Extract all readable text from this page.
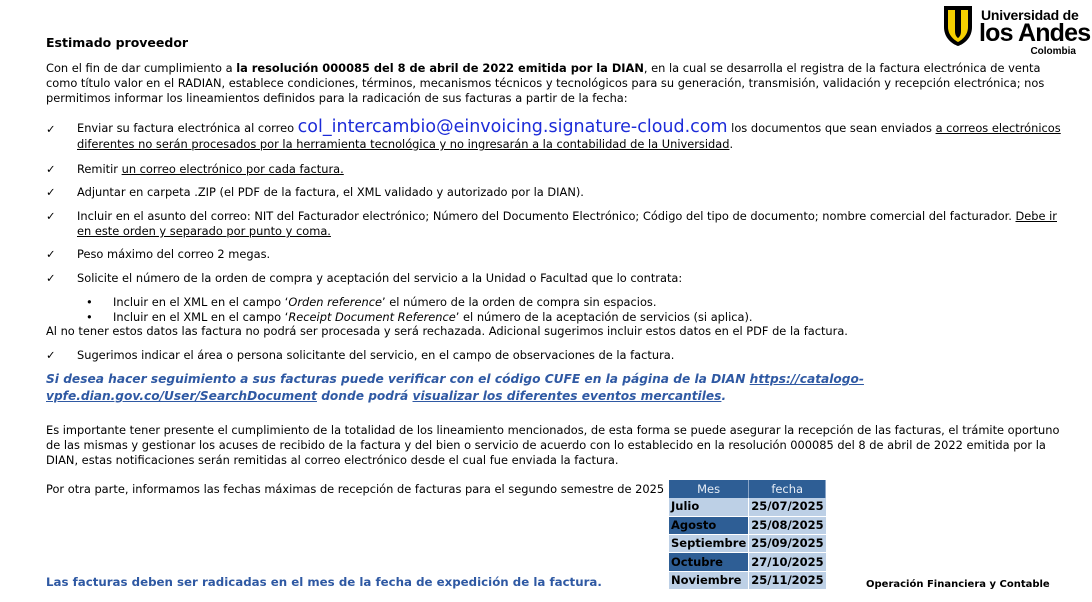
Universidad de
los Andes
Colombia
Estimado proveedor
Con el fin de dar cumplimiento a la resolución 000085 del 8 de abril de 2022 emitida por la DIAN, en la cual se desarrolla el registra de la factura electrónica de venta como título valor en el RADIAN, establece condiciones, términos, mecanismos técnicos y tecnológicos para su generación, transmisión, validación y recepción electrónica; nos permitimos informar los lineamientos definidos para la radicación de sus facturas a partir de la fecha:
✓ Enviar su factura electrónica al correo col_intercambio@einvoicing.signature-cloud.com los documentos que sean enviados a correos electrónicos diferentes no serán procesados por la herramienta tecnológica y no ingresarán a la contabilidad de la Universidad.
✓ Remitir un correo electrónico por cada factura.
✓ Adjuntar en carpeta .ZIP (el PDF de la factura, el XML validado y autorizado por la DIAN).
✓ Incluir en el asunto del correo: NIT del Facturador electrónico; Número del Documento Electrónico; Código del tipo de documento; nombre comercial del facturador. Debe ir en este orden y separado por punto y coma.
✓ Peso máximo del correo 2 megas.
✓ Solicite el número de la orden de compra y aceptación del servicio a la Unidad o Facultad que lo contrata:
• Incluir en el XML en el campo ‘Orden reference’ el número de la orden de compra sin espacios.
• Incluir en el XML en el campo ‘Receipt Document Reference’ el número de la aceptación de servicios (si aplica).
Al no tener estos datos las factura no podrá ser procesada y será rechazada. Adicional sugerimos incluir estos datos en el PDF de la factura.
✓ Sugerimos indicar el área o persona solicitante del servicio, en el campo de observaciones de la factura.
Si desea hacer seguimiento a sus facturas puede verificar con el código CUFE en la página de la DIAN https://catalogo-vpfe.dian.gov.co/User/SearchDocument donde podrá visualizar los diferentes eventos mercantiles.
Es importante tener presente el cumplimiento de la totalidad de los lineamiento mencionados, de esta forma se puede asegurar la recepción de las facturas, el trámite oportuno de las mismas y gestionar los acuses de recibido de la factura y del bien o servicio de acuerdo con lo establecido en la resolución 000085 del 8 de abril de 2022 emitida por la DIAN, estas notificaciones serán remitidas al correo electrónico desde el cual fue enviada la factura.
Por otra parte, informamos las fechas máximas de recepción de facturas para el segundo semestre de 2025	Mes	fecha
Julio	25/07/2025
Agosto	25/08/2025
Septiembre	25/09/2025
Octubre	27/10/2025
Noviembre	25/11/2025
Las facturas deben ser radicadas en el mes de la fecha de expedición de la factura.	Operación Financiera y Contable
